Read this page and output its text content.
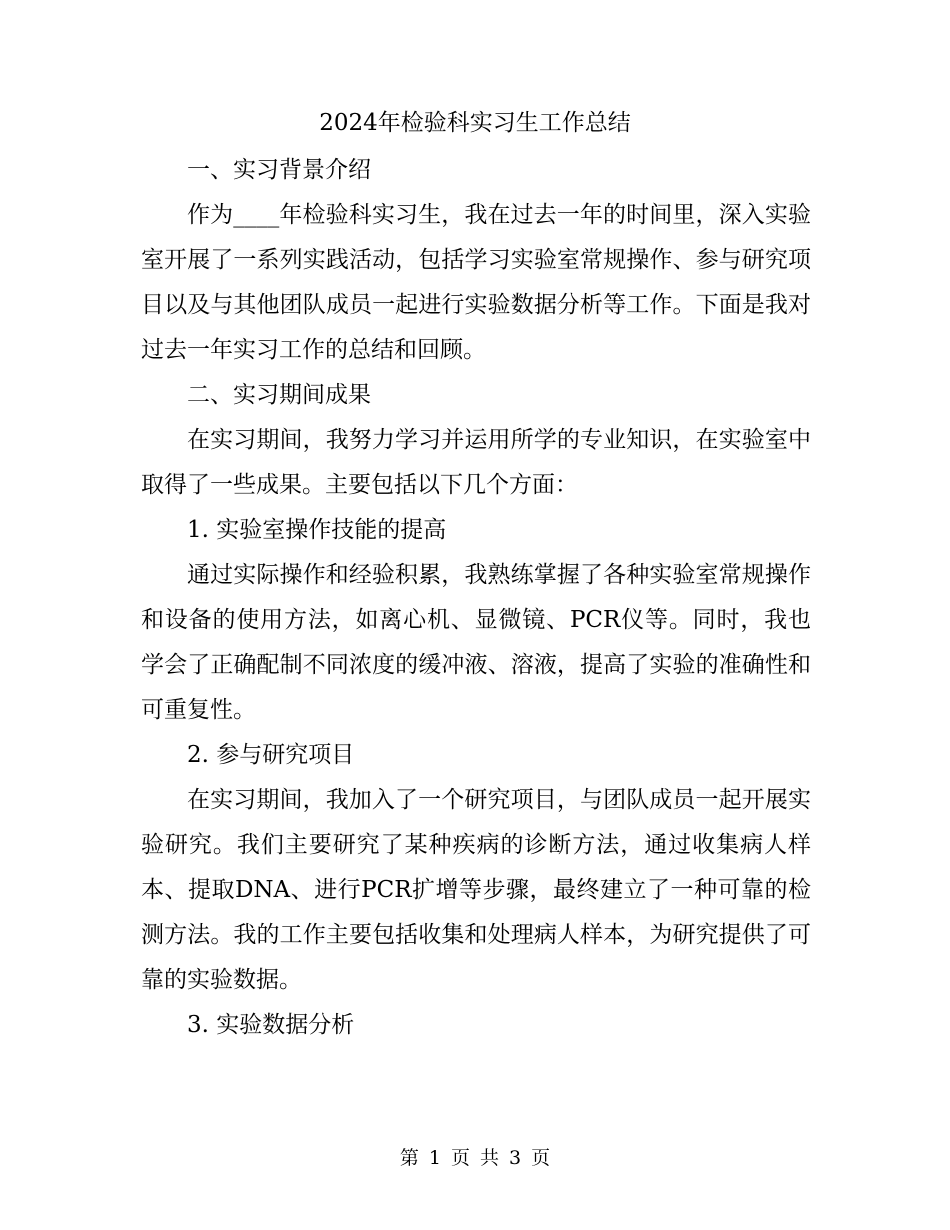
2024年检验科实习生工作总结

一、实习背景介绍

作为____年检验科实习生，我在过去一年的时间里，深入实验室开展了一系列实践活动，包括学习实验室常规操作、参与研究项目以及与其他团队成员一起进行实验数据分析等工作。下面是我对过去一年实习工作的总结和回顾。

二、实习期间成果

在实习期间，我努力学习并运用所学的专业知识，在实验室中取得了一些成果。主要包括以下几个方面：

1. 实验室操作技能的提高

通过实际操作和经验积累，我熟练掌握了各种实验室常规操作和设备的使用方法，如离心机、显微镜、PCR仪等。同时，我也学会了正确配制不同浓度的缓冲液、溶液，提高了实验的准确性和可重复性。

2. 参与研究项目

在实习期间，我加入了一个研究项目，与团队成员一起开展实验研究。我们主要研究了某种疾病的诊断方法，通过收集病人样本、提取DNA、进行PCR扩增等步骤，最终建立了一种可靠的检测方法。我的工作主要包括收集和处理病人样本，为研究提供了可靠的实验数据。

3. 实验数据分析

第 1 页 共 3 页
